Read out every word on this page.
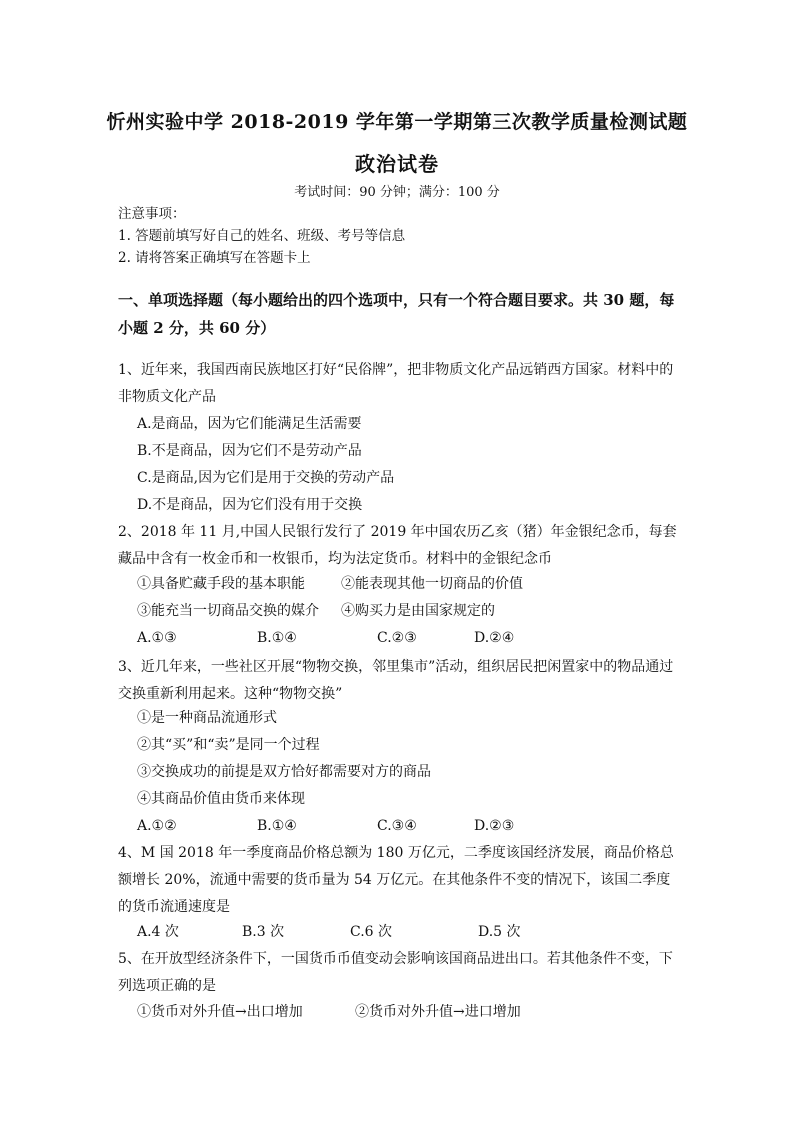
忻州实验中学 2018-2019 学年第一学期第三次教学质量检测试题
政治试卷
考试时间：90 分钟；满分：100 分
注意事项：
1. 答题前填写好自己的姓名、班级、考号等信息
2. 请将答案正确填写在答题卡上
一、单项选择题（每小题给出的四个选项中，只有一个符合题目要求。共 30 题，每小题 2 分，共 60 分）
1、近年来，我国西南民族地区打好“民俗牌”，把非物质文化产品远销西方国家。材料中的非物质文化产品
A.是商品，因为它们能满足生活需要
B.不是商品，因为它们不是劳动产品
C.是商品,因为它们是用于交换的劳动产品
D.不是商品，因为它们没有用于交换
2、2018 年 11 月,中国人民银行发行了 2019 年中国农历乙亥（猪）年金银纪念币，每套藏品中含有一枚金币和一枚银币，均为法定货币。材料中的金银纪念币
①具备贮藏手段的基本职能	②能表现其他一切商品的价值
③能充当一切商品交换的媒介 ④购买力是由国家规定的
A.①③	B.①④	C.②③	D.②④
3、近几年来，一些社区开展“物物交换，邻里集市”活动，组织居民把闲置家中的物品通过交换重新利用起来。这种“物物交换”
①是一种商品流通形式
②其“买”和“卖”是同一个过程
③交换成功的前提是双方恰好都需要对方的商品
④其商品价值由货币来体现
A.①②	B.①④	C.③④	D.②③
4、M 国 2018 年一季度商品价格总额为 180 万亿元，二季度该国经济发展，商品价格总额增长 20%，流通中需要的货币量为 54 万亿元。在其他条件不变的情况下，该国二季度的货币流通速度是
A.4 次	B.3 次	C.6 次	D.5 次
5、在开放型经济条件下，一国货币币值变动会影响该国商品进出口。若其他条件不变，下列选项正确的是
①货币对外升值→出口增加	②货币对外升值→进口增加
